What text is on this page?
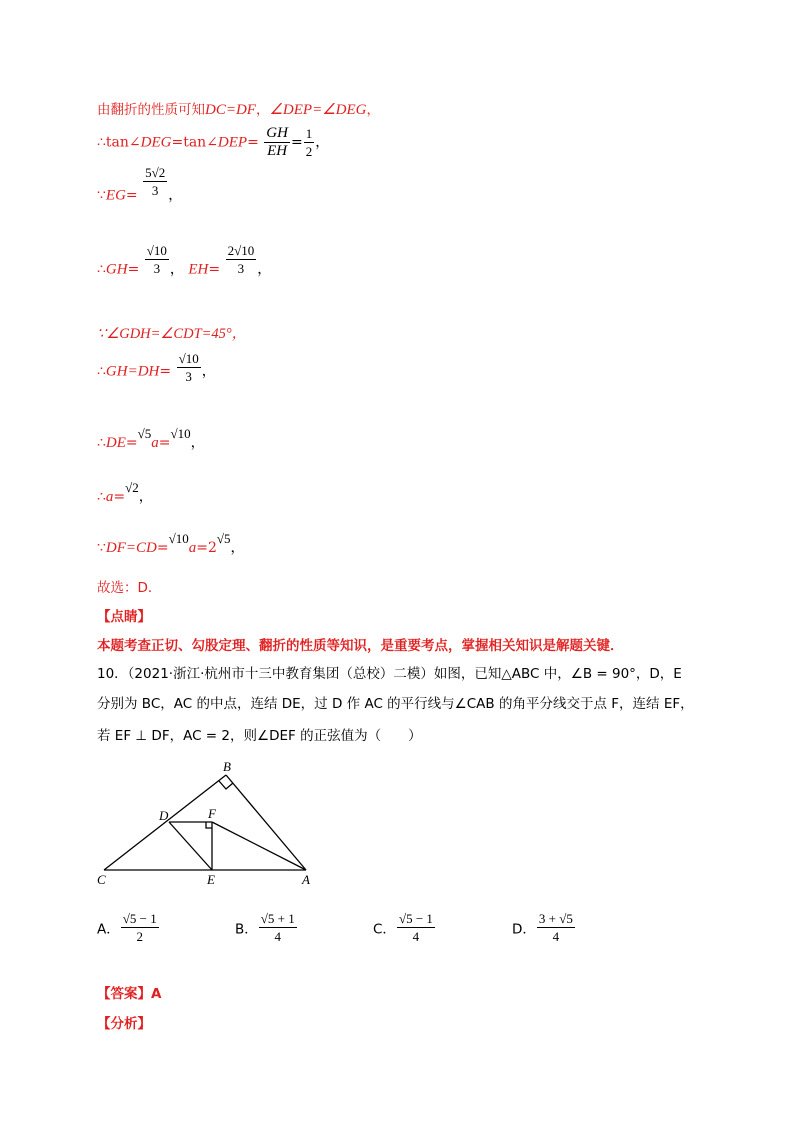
由翻折的性质可知DC=DF，∠DEP=∠DEG，
∴tan∠DEG=tan∠DEP= $\frac{GH}{EH} = \frac{1}{2}$ ，
∵EG= $\frac{5√2}{3}$ ，
∴GH= $\frac{√10}{3}$ ， $EH= \frac{2√10}{3}$ ，
∵∠GDH=∠CDT=45°，
∴GH=DH= $\frac{√10}{3}$ ，
∴DE=√5a=√10，
∴a=√2，
∵DF=CD=√10a=2√5，
故选：D．
【点睛】
本题考查正切、勾股定理、翻折的性质等知识，是重要考点，掌握相关知识是解题关键．
10．（2021·浙江·杭州市十三中教育集团（总校）二模）如图，已知△ABC 中，∠B = 90°，D，E
分别为 BC，AC 的中点，连结 DE，过 D 作 AC 的平行线与∠CAB 的角平分线交于点 F，连结 EF，
若 EF ⊥ DF，AC = 2，则∠DEF 的正弦值为（　　）
B
D	F
C	E	A
A． $\frac{√5 - 1}{2}$	B． $\frac{√5 + 1}{4}$	C． $\frac{√5 - 1}{4}$	D． $\frac{3 + √5}{4}$
【答案】A
【分析】
